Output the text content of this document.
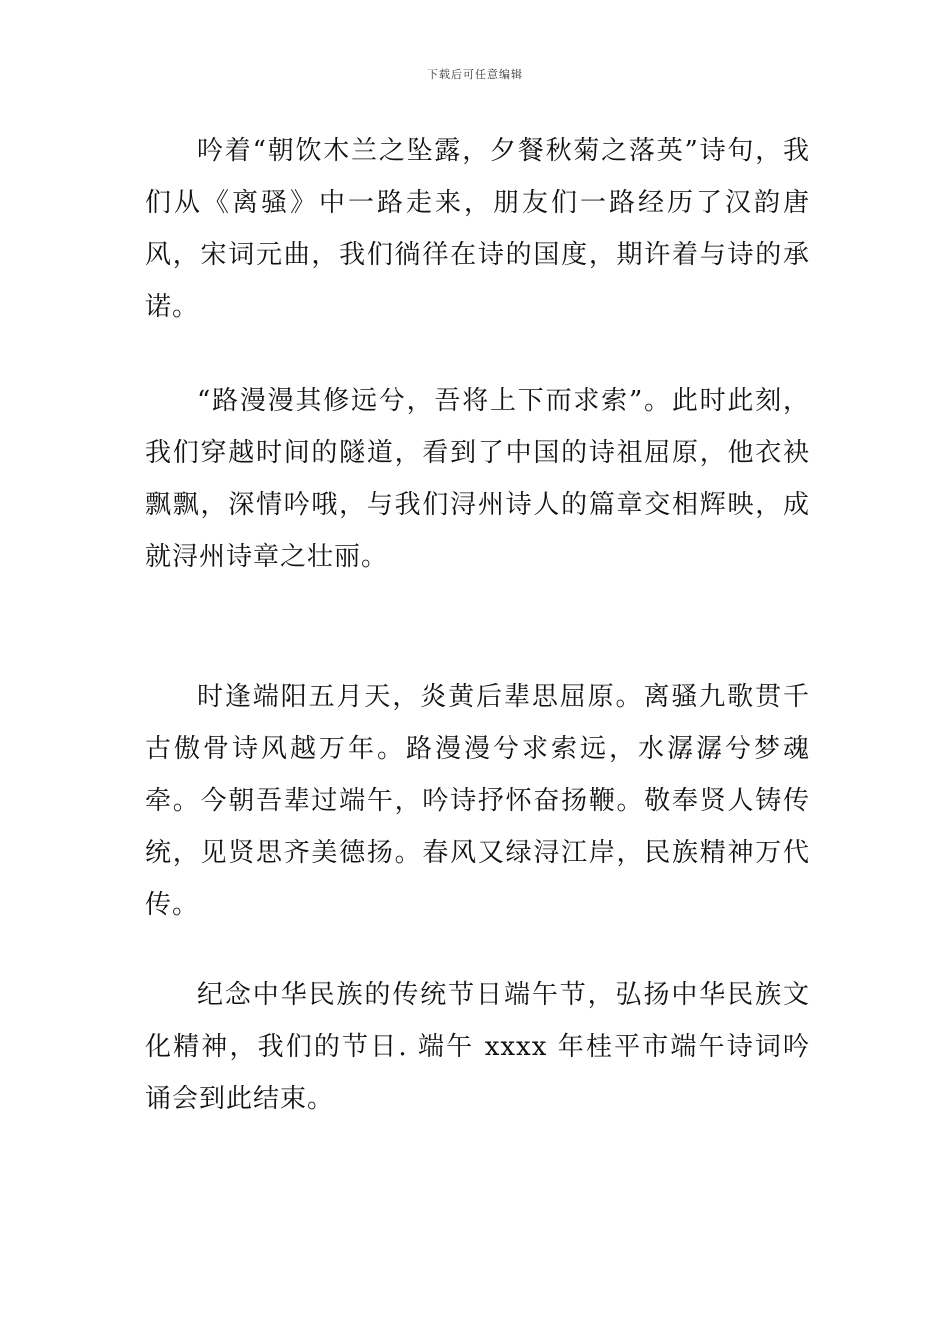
下载后可任意编辑

吟着“朝饮木兰之坠露，夕餐秋菊之落英”诗句，我们从《离骚》中一路走来，朋友们一路经历了汉韵唐风，宋词元曲，我们徜徉在诗的国度，期许着与诗的承诺。

“路漫漫其修远兮，吾将上下而求索”。此时此刻，我们穿越时间的隧道，看到了中国的诗祖屈原，他衣袂飘飘，深情吟哦，与我们浔州诗人的篇章交相辉映，成就浔州诗章之壮丽。

时逢端阳五月天，炎黄后辈思屈原。离骚九歌贯千古傲骨诗风越万年。路漫漫兮求索远，水潺潺兮梦魂牵。今朝吾辈过端午，吟诗抒怀奋扬鞭。敬奉贤人铸传统，见贤思齐美德扬。春风又绿浔江岸，民族精神万代传。

纪念中华民族的传统节日端午节，弘扬中华民族文化精神，我们的节日. 端午 xxxx 年桂平市端午诗词吟诵会到此结束。
